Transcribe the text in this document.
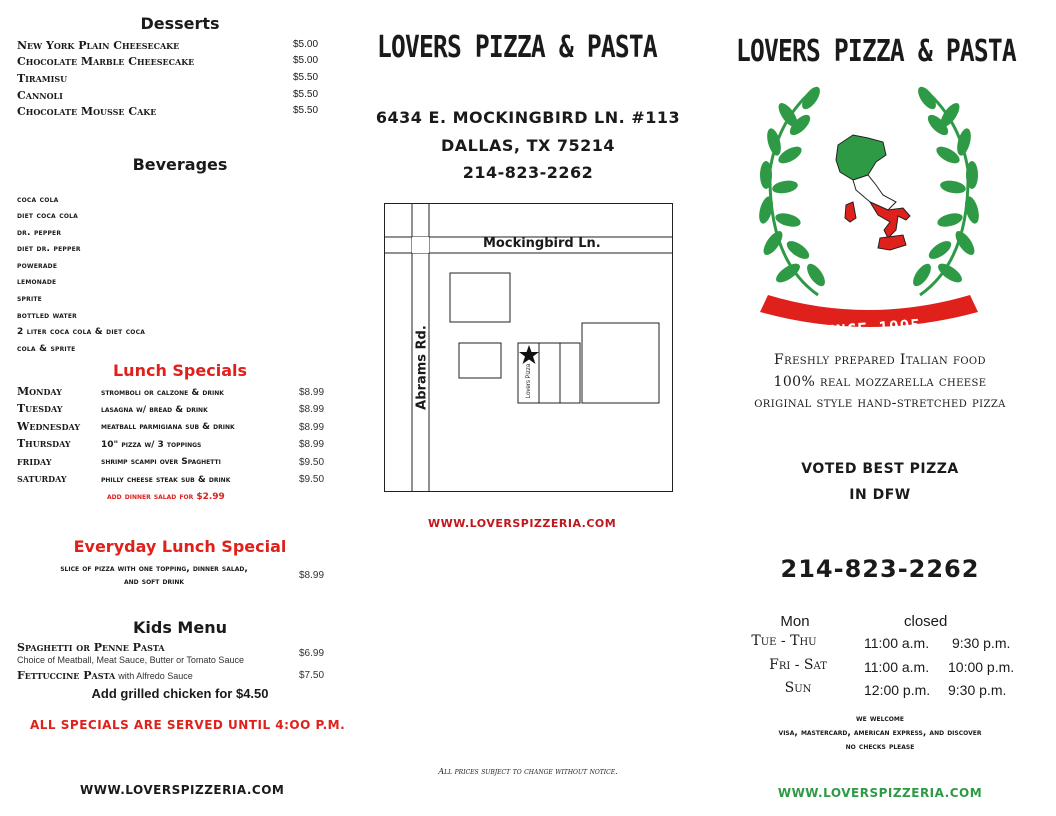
Desserts
New York Plain Cheesecake	$5.00
Chocolate Marble Cheesecake	$5.00
Tiramisu	$5.50
Cannoli	$5.50
Chocolate Mousse Cake	$5.50
Beverages
coca cola
diet coca cola
dr. pepper
diet dr. pepper
powerade
lemonade
sprite
bottled water
2 liter coca cola & diet coca
cola & sprite
Lunch Specials
Monday	stromboli or calzone & drink	$8.99
Tuesday	lasagna w/ bread & drink	$8.99
Wednesday meatball parmigiana sub & drink	$8.99
Thursday	10" pizza w/ 3 toppings	$8.99
friday	shrimp scampi over Spaghetti	$9.50
saturday	philly cheese steak sub & drink	$9.50
add dinner salad for $2.99
Everyday Lunch Special
slice of pizza with one topping, dinner salad,
and soft drink
$8.99
Kids Menu
Spaghetti or Penne Pasta
Choice of Meatball, Meat Sauce, Butter or Tomato Sauce
$6.99
Fettuccine Pasta with Alfredo Sauce	$7.50
Add grilled chicken for $4.50
ALL SPECIALS ARE SERVED UNTIL 4:OO P.M.
WWW.LOVERSPIZZERIA.COM
LOVERS PIZZA & PASTA
6434 E. MOCKINGBIRD LN. #113
DALLAS, TX 75214
214-823-2262
Mockingbird Ln.
Abrams Rd.	Lovers Pizza
WWW.LOVERSPIZZERIA.COM
All prices subject to change without notice.
LOVERS PIZZA & PASTA
SINCE 1995
Freshly prepared Italian food
100% real mozzarella cheese
original style hand-stretched pizza
VOTED BEST PIZZA
IN DFW
214-823-2262
Mon	closed
Tue - Thu	11:00 a.m. 9:30 p.m.
Fri - Sat	11:00 a.m. 10:00 p.m.
Sun	12:00 p.m. 9:30 p.m.
we welcome
visa, mastercard, american express, and discover
no checks please
WWW.LOVERSPIZZERIA.COM
